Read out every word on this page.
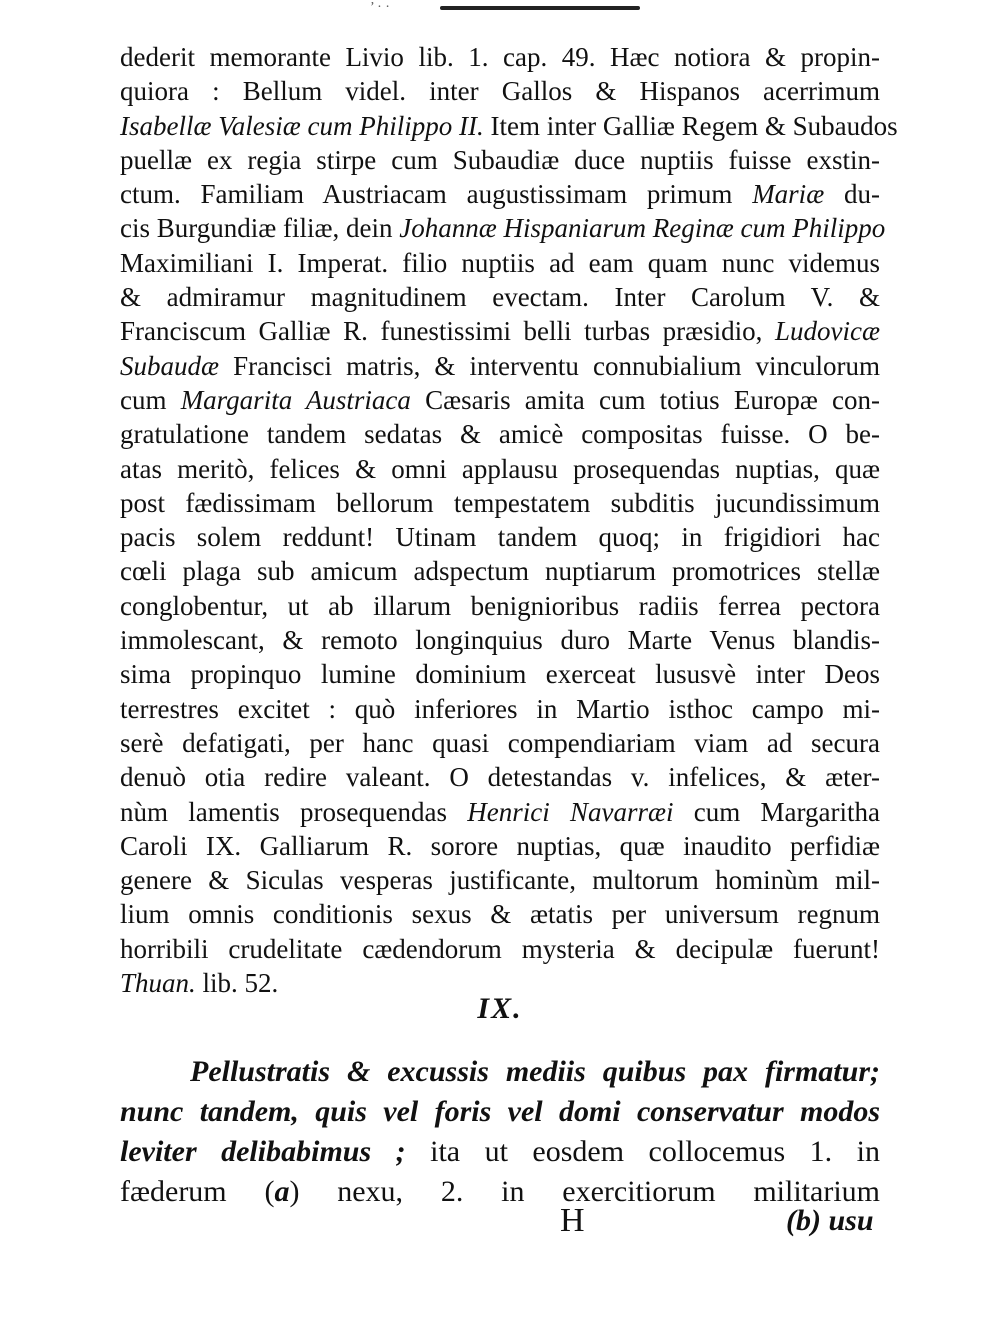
’ · ·
dederit memorante Livio lib. 1. cap. 49. Hæc notiora & propin-
quiora : Bellum videl. inter Gallos & Hispanos acerrimum
Isabellæ Valesiæ cum Philippo II. Item inter Galliæ Regem & Subaudos
puellæ ex regia stirpe cum Subaudiæ duce nuptiis fuisse exstin-
ctum. Familiam Austriacam augustissimam primum Mariæ du-
cis Burgundiæ filiæ, dein Johannæ Hispaniarum Reginæ cum Philippo
Maximiliani I. Imperat. filio nuptiis ad eam quam nunc videmus
& admiramur magnitudinem evectam. Inter Carolum V. &
Franciscum Galliæ R. funestissimi belli turbas præsidio, Ludovicæ
Subaudæ Francisci matris, & interventu connubialium vinculorum
cum Margarita Austriaca Cæsaris amita cum totius Europæ con-
gratulatione tandem sedatas & amicè compositas fuisse. O be-
atas meritò, felices & omni applausu prosequendas nuptias, quæ
post fædissimam bellorum tempestatem subditis jucundissimum
pacis solem reddunt! Utinam tandem quoq; in frigidiori hac
cœli plaga sub amicum adspectum nuptiarum promotrices stellæ
conglobentur, ut ab illarum benignioribus radiis ferrea pectora
immolescant, & remoto longinquius duro Marte Venus blandis-
sima propinquo lumine dominium exerceat lususvè inter Deos
terrestres excitet : quò inferiores in Martio isthoc campo mi-
serè defatigati, per hanc quasi compendiariam viam ad secura
denuò otia redire valeant. O detestandas v. infelices, & æter-
nùm lamentis prosequendas Henrici Navarræi cum Margaritha
Caroli IX. Galliarum R. sorore nuptias, quæ inaudito perfidiæ
genere & Siculas vesperas justificante, multorum hominùm mil-
lium omnis conditionis sexus & ætatis per universum regnum
horribili crudelitate cædendorum mysteria & decipulæ fuerunt!
Thuan. lib. 52.
IX.
Pellustratis & excussis mediis quibus pax firmatur;
nunc tandem, quis vel foris vel domi conservatur modos
leviter delibabimus ; ita ut eosdem collocemus 1. in
fæderum (a) nexu, 2. in exercitiorum militarium
H	(b) usu
